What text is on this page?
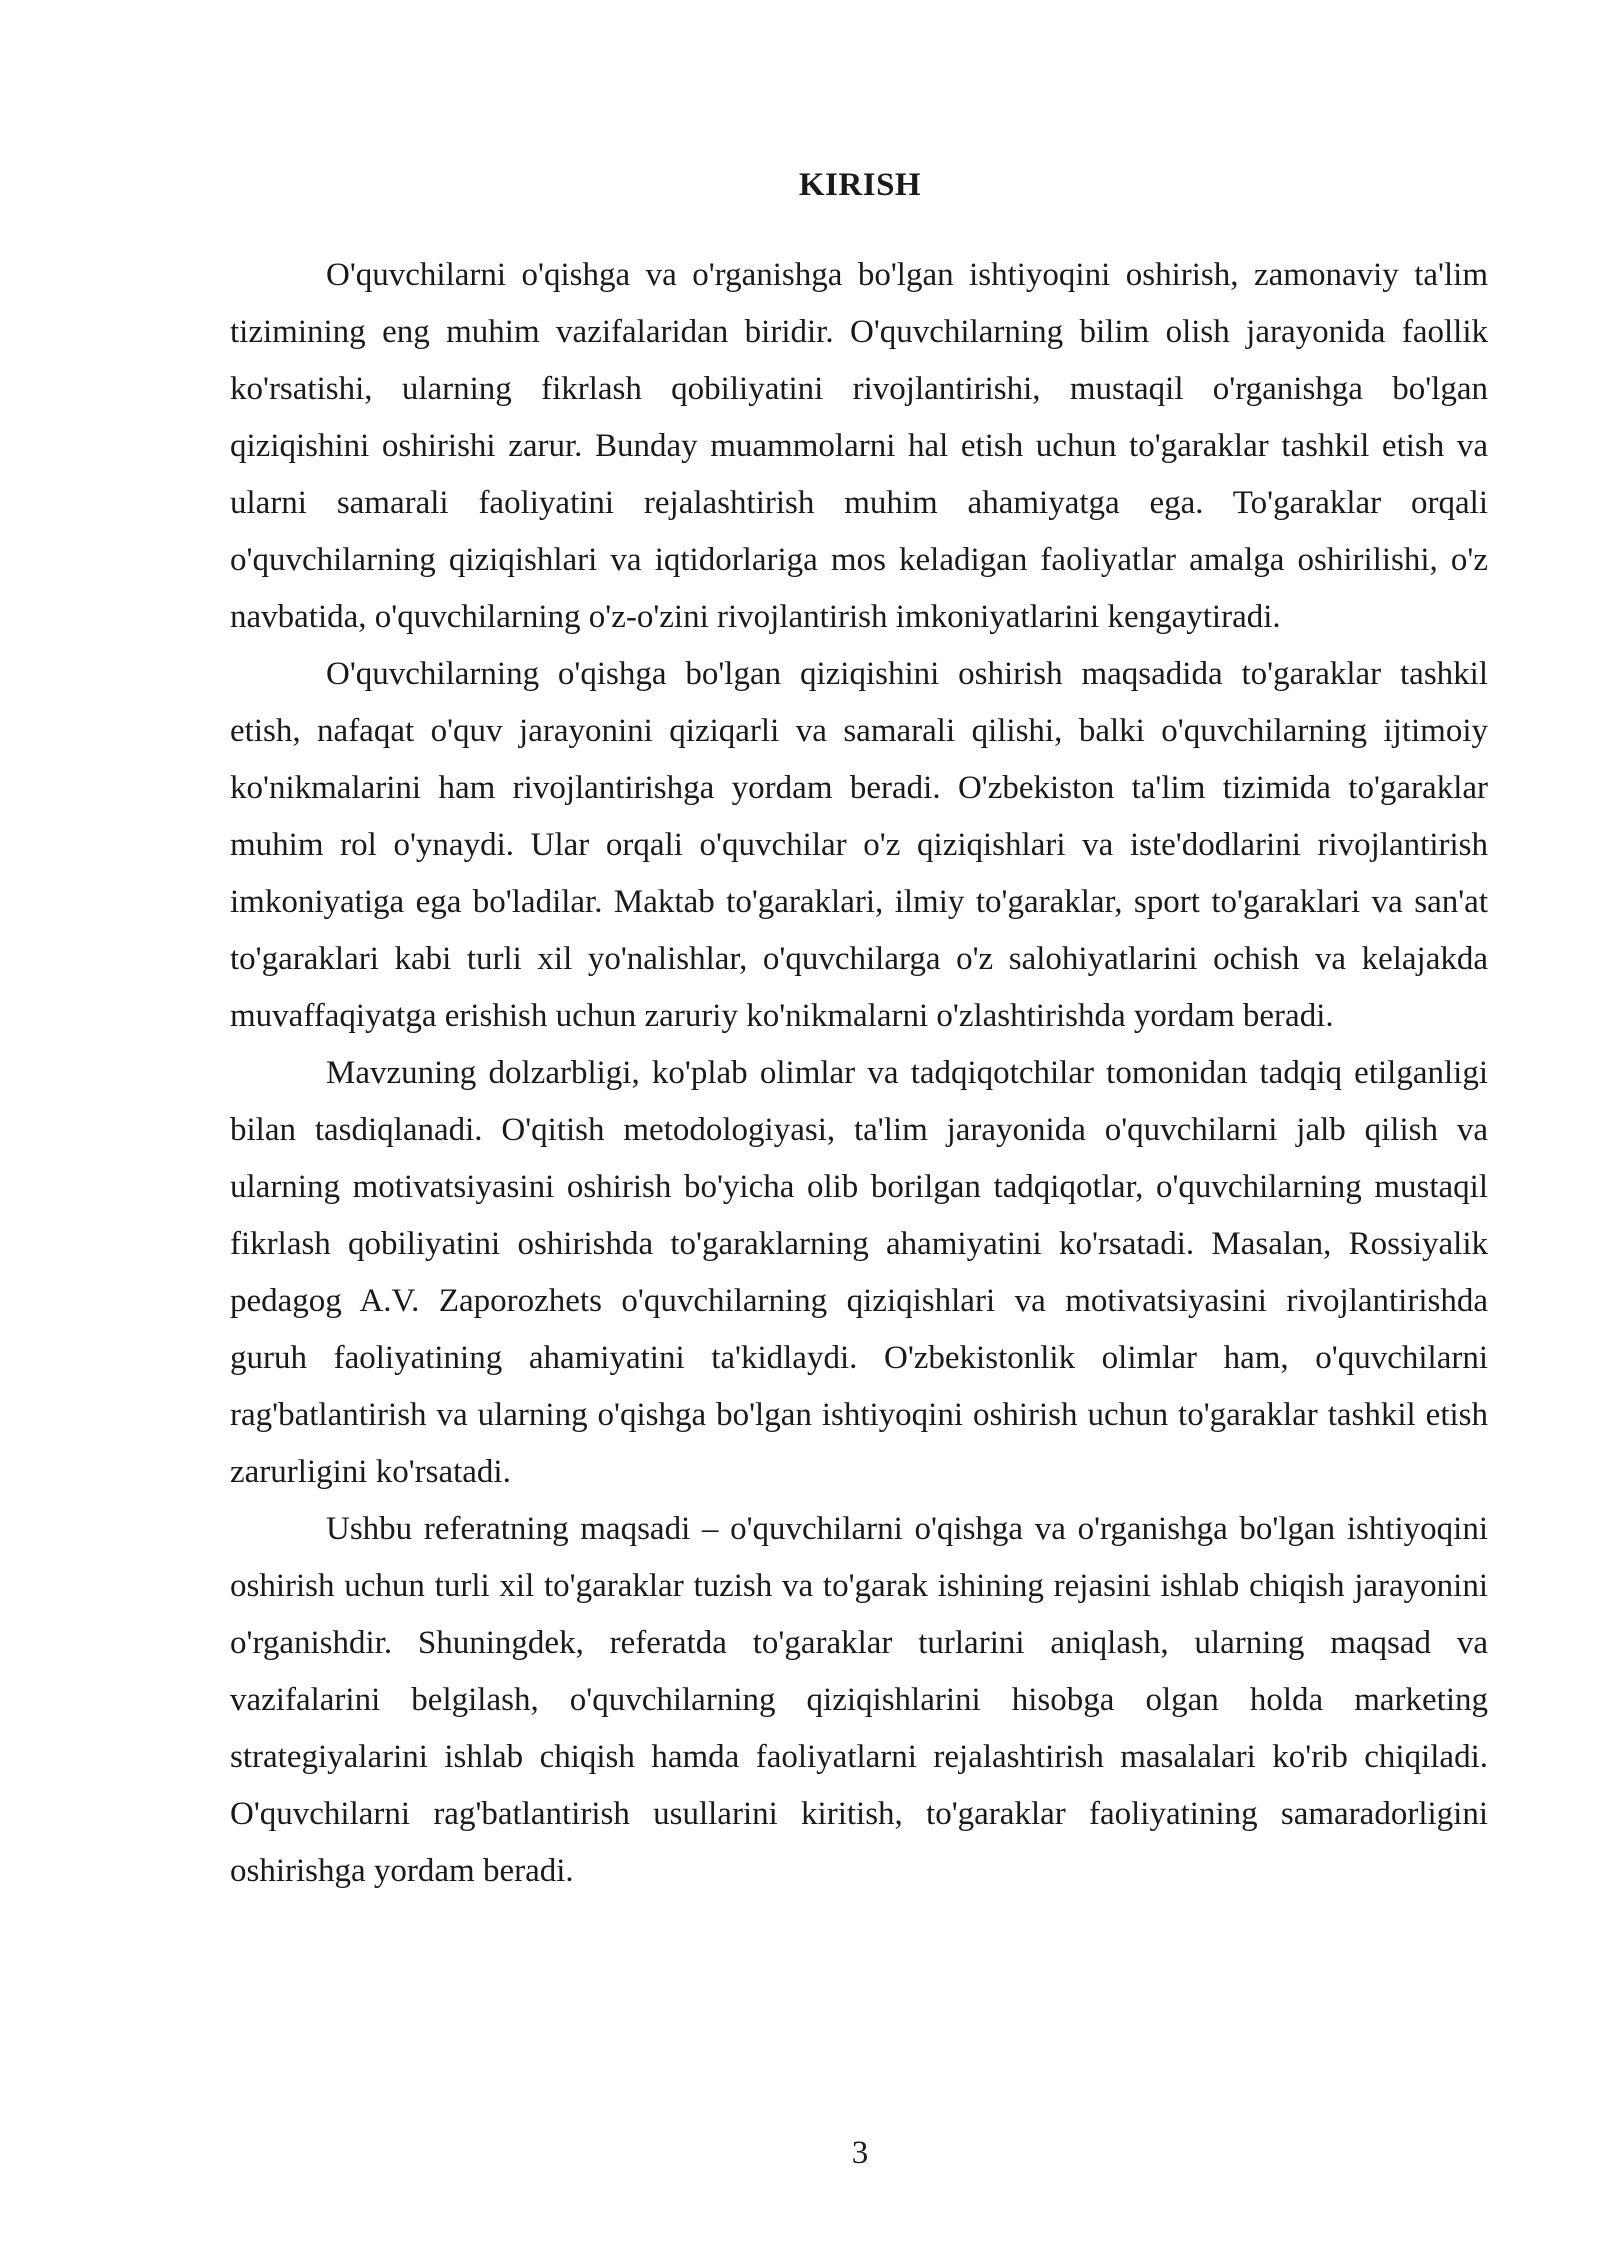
KIRISH

O'quvchilarni o'qishga va o'rganishga bo'lgan ishtiyoqini oshirish, zamonaviy ta'lim tizimining eng muhim vazifalaridan biridir. O'quvchilarning bilim olish jarayonida faollik ko'rsatishi, ularning fikrlash qobiliyatini rivojlantirishi, mustaqil o'rganishga bo'lgan qiziqishini oshirishi zarur. Bunday muammolarni hal etish uchun to'garaklar tashkil etish va ularni samarali faoliyatini rejalashtirish muhim ahamiyatga ega. To'garaklar orqali o'quvchilarning qiziqishlari va iqtidorlariga mos keladigan faoliyatlar amalga oshirilishi, o'z navbatida, o'quvchilarning o'z-o'zini rivojlantirish imkoniyatlarini kengaytiradi.

O'quvchilarning o'qishga bo'lgan qiziqishini oshirish maqsadida to'garaklar tashkil etish, nafaqat o'quv jarayonini qiziqarli va samarali qilishi, balki o'quvchilarning ijtimoiy ko'nikmalarini ham rivojlantirishga yordam beradi. O'zbekiston ta'lim tizimida to'garaklar muhim rol o'ynaydi. Ular orqali o'quvchilar o'z qiziqishlari va iste'dodlarini rivojlantirish imkoniyatiga ega bo'ladilar. Maktab to'garaklari, ilmiy to'garaklar, sport to'garaklari va san'at to'garaklari kabi turli xil yo'nalishlar, o'quvchilarga o'z salohiyatlarini ochish va kelajakda muvaffaqiyatga erishish uchun zaruriy ko'nikmalarni o'zlashtirishda yordam beradi.

Mavzuning dolzarbligi, ko'plab olimlar va tadqiqotchilar tomonidan tadqiq etilganligi bilan tasdiqlanadi. O'qitish metodologiyasi, ta'lim jarayonida o'quvchilarni jalb qilish va ularning motivatsiyasini oshirish bo'yicha olib borilgan tadqiqotlar, o'quvchilarning mustaqil fikrlash qobiliyatini oshirishda to'garaklarning ahamiyatini ko'rsatadi. Masalan, Rossiyalik pedagog A.V. Zaporozhets o'quvchilarning qiziqishlari va motivatsiyasini rivojlantirishda guruh faoliyatining ahamiyatini ta'kidlaydi. O'zbekistonlik olimlar ham, o'quvchilarni rag'batlantirish va ularning o'qishga bo'lgan ishtiyoqini oshirish uchun to'garaklar tashkil etish zarurligini ko'rsatadi.

Ushbu referatning maqsadi – o'quvchilarni o'qishga va o'rganishga bo'lgan ishtiyoqini oshirish uchun turli xil to'garaklar tuzish va to'garak ishining rejasini ishlab chiqish jarayonini o'rganishdir. Shuningdek, referatda to'garaklar turlarini aniqlash, ularning maqsad va vazifalarini belgilash, o'quvchilarning qiziqishlarini hisobga olgan holda marketing strategiyalarini ishlab chiqish hamda faoliyatlarni rejalashtirish masalalari ko'rib chiqiladi. O'quvchilarni rag'batlantirish usullarini kiritish, to'garaklar faoliyatining samaradorligini oshirishga yordam beradi.

3
